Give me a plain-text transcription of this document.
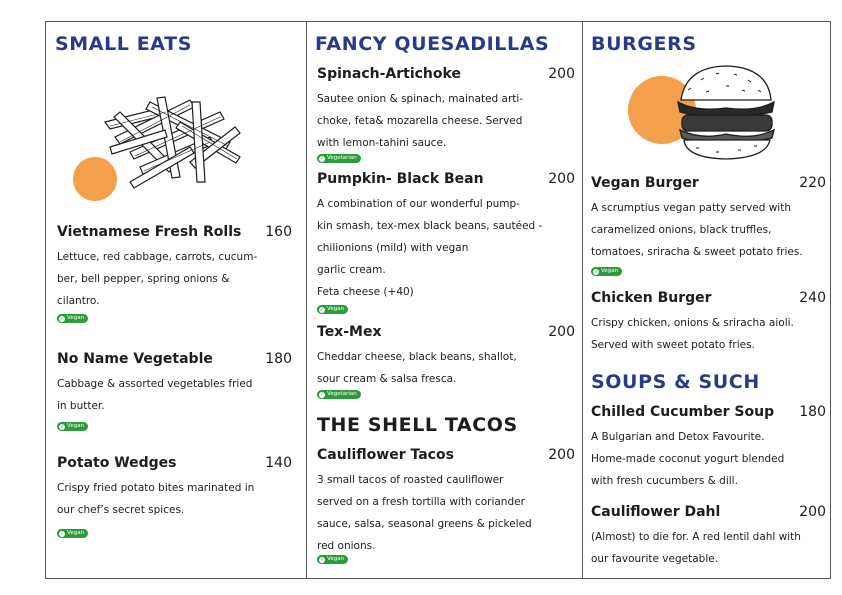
SMALL EATS
Vietnamese Fresh Rolls 160
Lettuce, red cabbage, carrots, cucum-
ber, bell pepper, spring onions &
cilantro.
✓ Vegan
No Name Vegetable	180
Cabbage & assorted vegetables fried
in butter.
✓ Vegan
Potato Wedges	140
Crispy fried potato bites marinated in
our chef’s secret spices.
✓ Vegan
FANCY QUESADILLAS
Spinach-Artichoke	200
Sautee onion & spinach, mainated arti-
choke, feta& mozarella cheese. Served
with lemon-tahini sauce.
✓ Vegetarian
Pumpkin- Black Bean	200
A combination of our wonderful pump-
kin smash, tex-mex black beans, sautéed -
chilionions (mild) with vegan
garlic cream.
Feta cheese (+40)
✓ Vegan
Tex-Mex	200
Cheddar cheese, black beans, shallot,
sour cream & salsa fresca.
✓ Vegetarian
THE SHELL TACOS
Cauliflower Tacos	200
3 small tacos of roasted cauliflower
served on a fresh tortilla with coriander
sauce, salsa, seasonal greens & pickeled
red onions.
✓ Vegan
BURGERS
Vegan Burger	220
A scrumptius vegan patty served with
caramelized onions, black truffles,
tomatoes, sriracha & sweet potato fries.
✓ Vegan
Chicken Burger	240
Crispy chicken, onions & sriracha aioli.
Served with sweet potato fries.
SOUPS & SUCH
Chilled Cucumber Soup 180
A Bulgarian and Detox Favourite.
Home-made coconut yogurt blended
with fresh cucumbers & dill.
Cauliflower Dahl	200
(Almost) to die for. A red lentil dahl with
our favourite vegetable.
